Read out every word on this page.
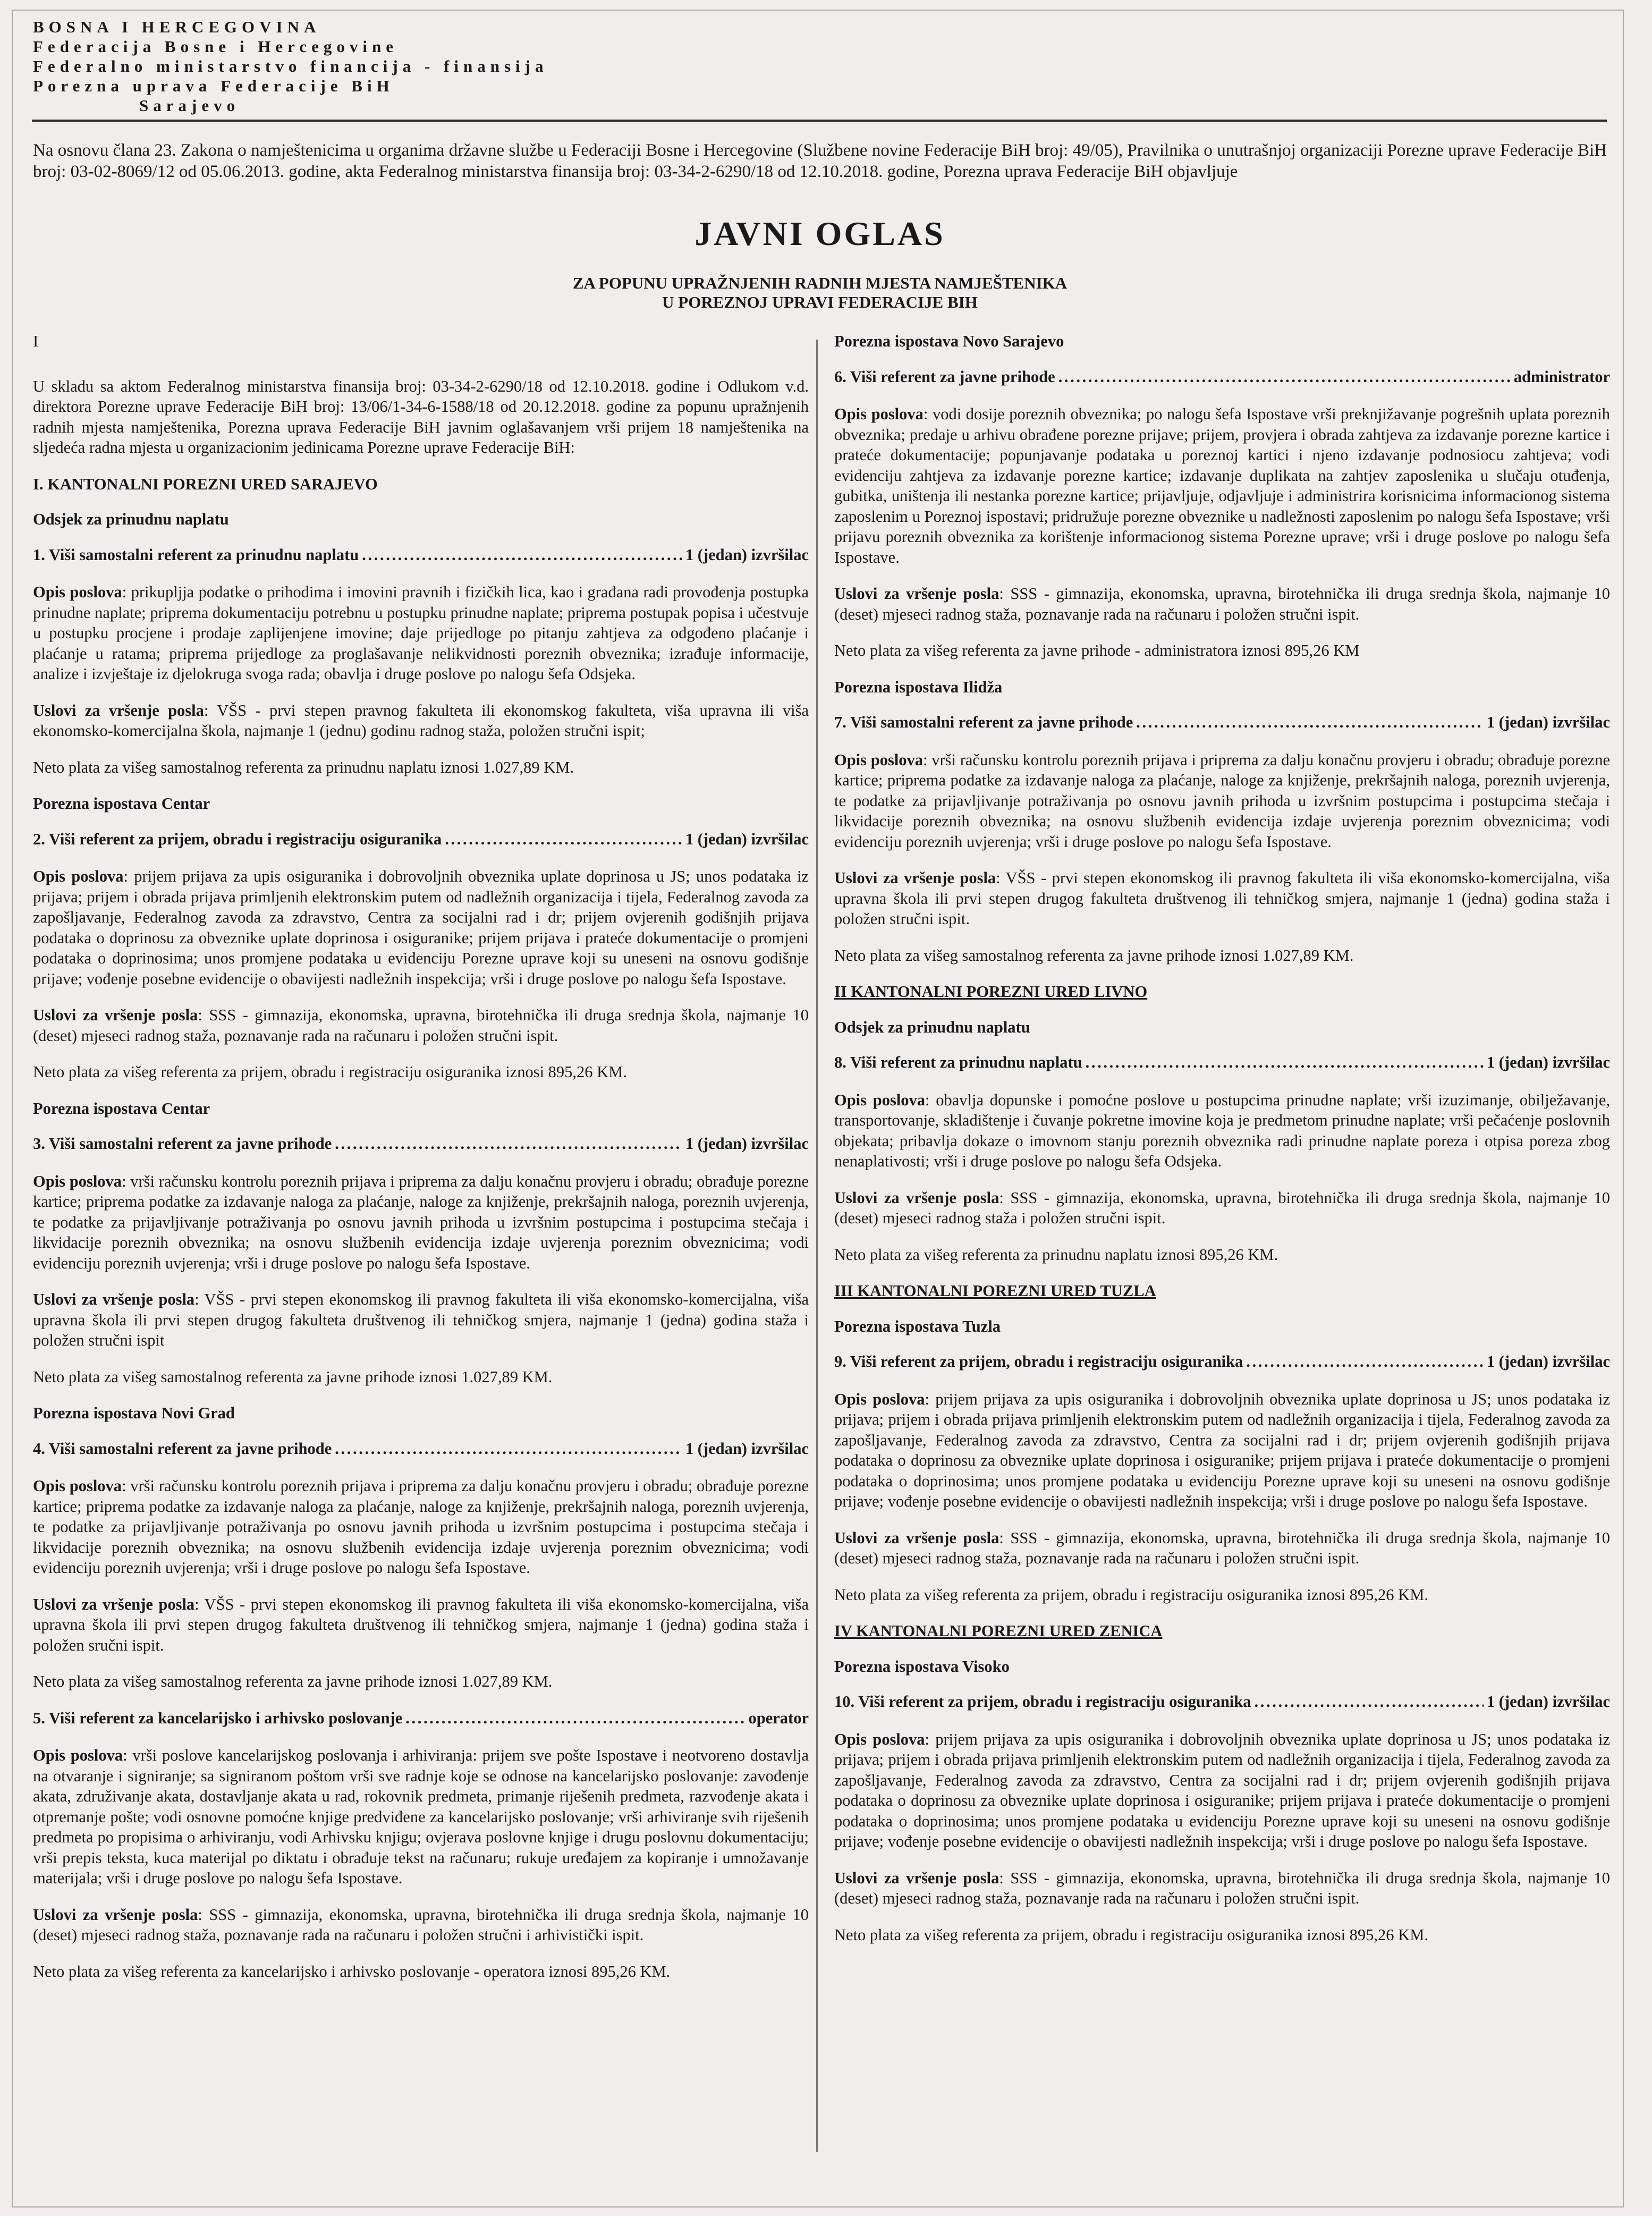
BOSNA I HERCEGOVINA
Federacija Bosne i Hercegovine
Federalno ministarstvo financija - finansija
Porezna uprava Federacije BiH
Sarajevo
Na osnovu člana 23. Zakona o namještenicima u organima državne službe u Federaciji Bosne i Hercegovine (Službene novine Federacije BiH broj: 49/05), Pravilnika o unutrašnjoj organizaciji Porezne uprave Federacije BiH broj: 03-02-8069/12 od 05.06.2013. godine, akta Federalnog ministarstva finansija broj: 03-34-2-6290/18 od 12.10.2018. godine, Porezna uprava Federacije BiH objavljuje
JAVNI OGLAS
ZA POPUNU UPRAŽNJENIH RADNIH MJESTA NAMJEŠTENIKA
U POREZNOJ UPRAVI FEDERACIJE BIH

I

U skladu sa aktom Federalnog ministarstva finansija broj: 03-34-2-6290/18 od 12.10.2018. godine i Odlukom v.d. direktora Porezne uprave Federacije BiH broj: 13/06/1-34-6-1588/18 od 20.12.2018. godine za popunu upražnjenih radnih mjesta namještenika, Porezna uprava Federacije BiH javnim oglašavanjem vrši prijem 18 namještenika na sljedeća radna mjesta u organizacionim jedinicama Porezne uprave Federacije BiH:

I. KANTONALNI POREZNI URED SARAJEVO

Odsjek za prinudnu naplatu

1. Viši samostalni referent za prinudnu naplatu . . .	1 (jedan) izvršilac

Opis poslova: prikupljja podatke o prihodima i imovini pravnih i fizičkih lica, kao i građana radi provođenja postupka prinudne naplate; priprema dokumentaciju potrebnu u postupku prinudne naplate; priprema postupak popisa i učestvuje u postupku procjene i prodaje zaplijenjene imovine; daje prijedloge po pitanju zahtjeva za odgođeno plaćanje i plaćanje u ratama; priprema prijedloge za proglašavanje nelikvidnosti poreznih obveznika; izrađuje informacije, analize i izvještaje iz djelokruga svoga rada; obavlja i druge poslove po nalogu šefa Odsjeka.

Uslovi za vršenje posla: VŠS - prvi stepen pravnog fakulteta ili ekonomskog fakulteta, viša upravna ili viša ekonomsko-komercijalna škola, najmanje 1 (jednu) godinu radnog staža, položen stručni ispit;

Neto plata za višeg samostalnog referenta za prinudnu naplatu iznosi 1.027,89 KM.

Porezna ispostava Centar

2. Viši referent za prijem, obradu i registraciju osiguranika . . .	1 (jedan) izvršilac

Opis poslova: prijem prijava za upis osiguranika i dobrovoljnih obveznika uplate doprinosa u JS; unos podataka iz prijava; prijem i obrada prijava primljenih elektronskim putem od nadležnih organizacija i tijela, Federalnog zavoda za zapošljavanje, Federalnog zavoda za zdravstvo, Centra za socijalni rad i dr; prijem ovjerenih godišnjih prijava podataka o doprinosu za obveznike uplate doprinosa i osiguranike; prijem prijava i prateće dokumentacije o promjeni podataka o doprinosima; unos promjene podataka u evidenciju Porezne uprave koji su uneseni na osnovu godišnje prijave; vođenje posebne evidencije o obavijesti nadležnih inspekcija; vrši i druge poslove po nalogu šefa Ispostave.

Uslovi za vršenje posla: SSS - gimnazija, ekonomska, upravna, birotehnička ili druga srednja škola, najmanje 10 (deset) mjeseci radnog staža, poznavanje rada na računaru i položen stručni ispit.

Neto plata za višeg referenta za prijem, obradu i registraciju osiguranika iznosi 895,26 KM.

Porezna ispostava Centar

3. Viši samostalni referent za javne prihode . . .	1 (jedan) izvršilac

Opis poslova: vrši računsku kontrolu poreznih prijava i priprema za dalju konačnu provjeru i obradu; obrađuje porezne kartice; priprema podatke za izdavanje naloga za plaćanje, naloge za knjiženje, prekršajnih naloga, poreznih uvjerenja, te podatke za prijavljivanje potraživanja po osnovu javnih prihoda u izvršnim postupcima i postupcima stečaja i likvidacije poreznih obveznika; na osnovu službenih evidencija izdaje uvjerenja poreznim obveznicima; vodi evidenciju poreznih uvjerenja; vrši i druge poslove po nalogu šefa Ispostave.

Uslovi za vršenje posla: VŠS - prvi stepen ekonomskog ili pravnog fakulteta ili viša ekonomsko-komercijalna, viša upravna škola ili prvi stepen drugog fakulteta društvenog ili tehničkog smjera, najmanje 1 (jedna) godina staža i položen stručni ispit

Neto plata za višeg samostalnog referenta za javne prihode iznosi 1.027,89 KM.

Porezna ispostava Novi Grad

4. Viši samostalni referent za javne prihode . . .	1 (jedan) izvršilac

Opis poslova: vrši računsku kontrolu poreznih prijava i priprema za dalju konačnu provjeru i obradu; obrađuje porezne kartice; priprema podatke za izdavanje naloga za plaćanje, naloge za knjiženje, prekršajnih naloga, poreznih uvjerenja, te podatke za prijavljivanje potraživanja po osnovu javnih prihoda u izvršnim postupcima i postupcima stečaja i likvidacije poreznih obveznika; na osnovu službenih evidencija izdaje uvjerenja poreznim obveznicima; vodi evidenciju poreznih uvjerenja; vrši i druge poslove po nalogu šefa Ispostave.

Uslovi za vršenje posla: VŠS - prvi stepen ekonomskog ili pravnog fakulteta ili viša ekonomsko-komercijalna, viša upravna škola ili prvi stepen drugog fakulteta društvenog ili tehničkog smjera, najmanje 1 (jedna) godina staža i položen sručni ispit.

Neto plata za višeg samostalnog referenta za javne prihode iznosi 1.027,89 KM.

5. Viši referent za kancelarijsko i arhivsko poslovanje . . .	operator

Opis poslova: vrši poslove kancelarijskog poslovanja i arhiviranja: prijem sve pošte Ispostave i neotvoreno dostavlja na otvaranje i signiranje; sa signiranom poštom vrši sve radnje koje se odnose na kancelarijsko poslovanje: zavođenje akata, združivanje akata, dostavljanje akata u rad, rokovnik predmeta, primanje riješenih predmeta, razvođenje akata i otpremanje pošte; vodi osnovne pomoćne knjige predviđene za kancelarijsko poslovanje; vrši arhiviranje svih riješenih predmeta po propisima o arhiviranju, vodi Arhivsku knjigu; ovjerava poslovne knjige i drugu poslovnu dokumentaciju; vrši prepis teksta, kuca materijal po diktatu i obrađuje tekst na računaru; rukuje uređajem za kopiranje i umnožavanje materijala; vrši i druge poslove po nalogu šefa Ispostave.

Uslovi za vršenje posla: SSS - gimnazija, ekonomska, upravna, birotehnička ili druga srednja škola, najmanje 10 (deset) mjeseci radnog staža, poznavanje rada na računaru i položen stručni i arhivistički ispit.

Neto plata za višeg referenta za kancelarijsko i arhivsko poslovanje - operatora iznosi 895,26 KM.

Porezna ispostava Novo Sarajevo

6. Viši referent za javne prihode . . .	administrator

Opis poslova: vodi dosije poreznih obveznika; po nalogu šefa Ispostave vrši preknjižavanje pogrešnih uplata poreznih obveznika; predaje u arhivu obrađene porezne prijave; prijem, provjera i obrada zahtjeva za izdavanje porezne kartice i prateće dokumentacije; popunjavanje podataka u poreznoj kartici i njeno izdavanje podnosiocu zahtjeva; vodi evidenciju zahtjeva za izdavanje porezne kartice; izdavanje duplikata na zahtjev zaposlenika u slučaju otuđenja, gubitka, uništenja ili nestanka porezne kartice; prijavljuje, odjavljuje i administrira korisnicima informacionog sistema zaposlenim u Poreznoj ispostavi; pridružuje porezne obveznike u nadležnosti zaposlenim po nalogu šefa Ispostave; vrši prijavu poreznih obveznika za korištenje informacionog sistema Porezne uprave; vrši i druge poslove po nalogu šefa Ispostave.

Uslovi za vršenje posla: SSS - gimnazija, ekonomska, upravna, birotehnička ili druga srednja škola, najmanje 10 (deset) mjeseci radnog staža, poznavanje rada na računaru i položen stručni ispit.

Neto plata za višeg referenta za javne prihode - administratora iznosi 895,26 KM

Porezna ispostava Ilidža

7. Viši samostalni referent za javne prihode . . .	1 (jedan) izvršilac

Opis poslova: vrši računsku kontrolu poreznih prijava i priprema za dalju konačnu provjeru i obradu; obrađuje porezne kartice; priprema podatke za izdavanje naloga za plaćanje, naloge za knjiženje, prekršajnih naloga, poreznih uvjerenja, te podatke za prijavljivanje potraživanja po osnovu javnih prihoda u izvršnim postupcima i postupcima stečaja i likvidacije poreznih obveznika; na osnovu službenih evidencija izdaje uvjerenja poreznim obveznicima; vodi evidenciju poreznih uvjerenja; vrši i druge poslove po nalogu šefa Ispostave.

Uslovi za vršenje posla: VŠS - prvi stepen ekonomskog ili pravnog fakulteta ili viša ekonomsko-komercijalna, viša upravna škola ili prvi stepen drugog fakulteta društvenog ili tehničkog smjera, najmanje 1 (jedna) godina staža i položen stručni ispit.

Neto plata za višeg samostalnog referenta za javne prihode iznosi 1.027,89 KM.

II KANTONALNI POREZNI URED LIVNO

Odsjek za prinudnu naplatu

8. Viši referent za prinudnu naplatu . . .	1 (jedan) izvršilac

Opis poslova: obavlja dopunske i pomoćne poslove u postupcima prinudne naplate; vrši izuzimanje, obilježavanje, transportovanje, skladištenje i čuvanje pokretne imovine koja je predmetom prinudne naplate; vrši pečaćenje poslovnih objekata; pribavlja dokaze o imovnom stanju poreznih obveznika radi prinudne naplate poreza i otpisa poreza zbog nenaplativosti; vrši i druge poslove po nalogu šefa Odsjeka.

Uslovi za vršenje posla: SSS - gimnazija, ekonomska, upravna, birotehnička ili druga srednja škola, najmanje 10 (deset) mjeseci radnog staža i položen stručni ispit.

Neto plata za višeg referenta za prinudnu naplatu iznosi 895,26 KM.

III KANTONALNI POREZNI URED TUZLA

Porezna ispostava Tuzla

9. Viši referent za prijem, obradu i registraciju osiguranika . . .	1 (jedan) izvršilac

Opis poslova: prijem prijava za upis osiguranika i dobrovoljnih obveznika uplate doprinosa u JS; unos podataka iz prijava; prijem i obrada prijava primljenih elektronskim putem od nadležnih organizacija i tijela, Federalnog zavoda za zapošljavanje, Federalnog zavoda za zdravstvo, Centra za socijalni rad i dr; prijem ovjerenih godišnjih prijava podataka o doprinosu za obveznike uplate doprinosa i osiguranike; prijem prijava i prateće dokumentacije o promjeni podataka o doprinosima; unos promjene podataka u evidenciju Porezne uprave koji su uneseni na osnovu godišnje prijave; vođenje posebne evidencije o obavijesti nadležnih inspekcija; vrši i druge poslove po nalogu šefa Ispostave.

Uslovi za vršenje posla: SSS - gimnazija, ekonomska, upravna, birotehnička ili druga srednja škola, najmanje 10 (deset) mjeseci radnog staža, poznavanje rada na računaru i položen stručni ispit.

Neto plata za višeg referenta za prijem, obradu i registraciju osiguranika iznosi 895,26 KM.

IV KANTONALNI POREZNI URED ZENICA

Porezna ispostava Visoko

10. Viši referent za prijem, obradu i registraciju osiguranika . . .	1 (jedan) izvršilac

Opis poslova: prijem prijava za upis osiguranika i dobrovoljnih obveznika uplate doprinosa u JS; unos podataka iz prijava; prijem i obrada prijava primljenih elektronskim putem od nadležnih organizacija i tijela, Federalnog zavoda za zapošljavanje, Federalnog zavoda za zdravstvo, Centra za socijalni rad i dr; prijem ovjerenih godišnjih prijava podataka o doprinosu za obveznike uplate doprinosa i osiguranike; prijem prijava i prateće dokumentacije o promjeni podataka o doprinosima; unos promjene podataka u evidenciju Porezne uprave koji su uneseni na osnovu godišnje prijave; vođenje posebne evidencije o obavijesti nadležnih inspekcija; vrši i druge poslove po nalogu šefa Ispostave.

Uslovi za vršenje posla: SSS - gimnazija, ekonomska, upravna, birotehnička ili druga srednja škola, najmanje 10 (deset) mjeseci radnog staža, poznavanje rada na računaru i položen stručni ispit.

Neto plata za višeg referenta za prijem, obradu i registraciju osiguranika iznosi 895,26 KM.
